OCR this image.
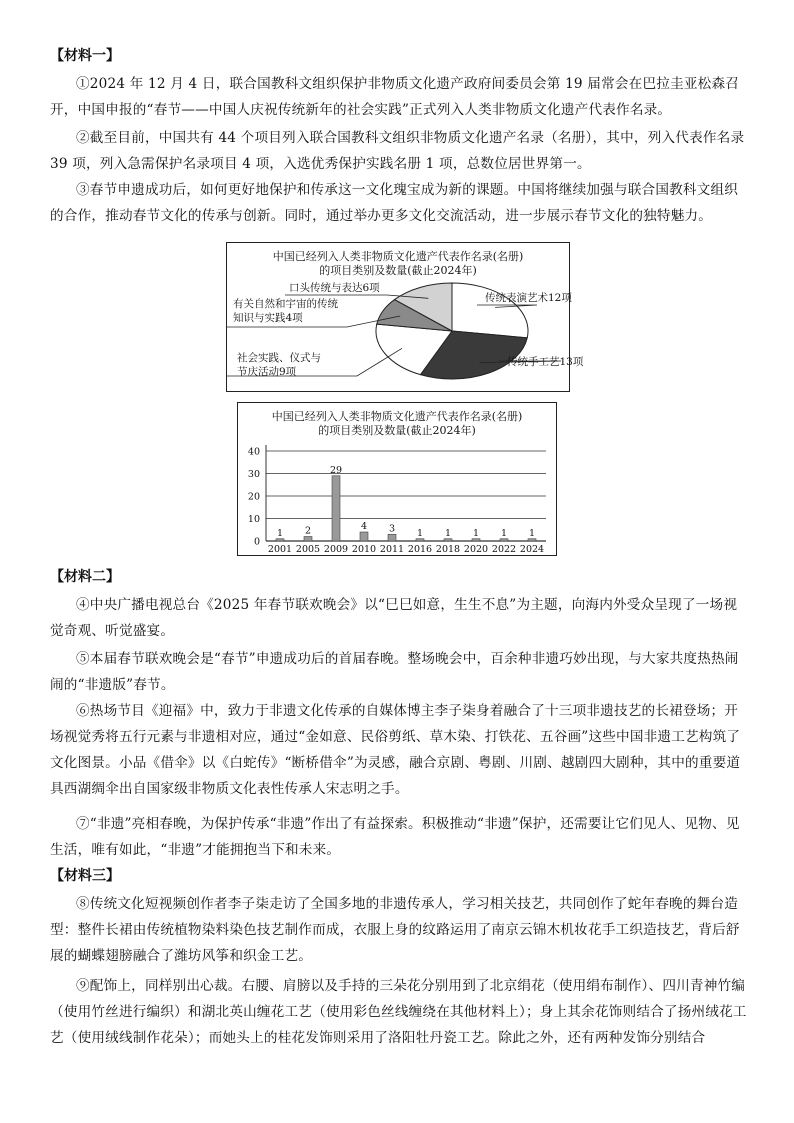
【材料一】
①2024 年 12 月 4 日，联合国教科文组织保护非物质文化遗产政府间委员会第 19 届常会在巴拉圭亚松森召开，中国申报的“春节——中国人庆祝传统新年的社会实践”正式列入人类非物质文化遗产代表作名录。
②截至目前，中国共有 44 个项目列入联合国教科文组织非物质文化遗产名录（名册），其中，列入代表作名录 39 项，列入急需保护名录项目 4 项，入选优秀保护实践名册 1 项，总数位居世界第一。
③春节申遗成功后，如何更好地保护和传承这一文化瑰宝成为新的课题。中国将继续加强与联合国教科文组织的合作，推动春节文化的传承与创新。同时，通过举办更多文化交流活动，进一步展示春节文化的独特魅力。
中国已经列入人类非物质文化遗产代表作名录(名册)
的项目类别及数量(截止2024年)
传统表演艺术12项
传统手工艺13项
社会实践、仪式与
节庆活动9项
有关自然和宇宙的传统
知识与实践4项
口头传统与表达6项
中国已经列入人类非物质文化遗产代表作名录(名册)
的项目类别及数量(截止2024年)
0
10
20
30
40
1
2001
2
2005
29
2009
4
2010
3
2011
1
2016
1
2018
1
2020
1
2022
1
2024
【材料二】
④中央广播电视总台《2025 年春节联欢晚会》以“巳巳如意，生生不息”为主题，向海内外受众呈现了一场视觉奇观、听觉盛宴。
⑤本届春节联欢晚会是“春节”申遗成功后的首届春晚。整场晚会中，百余种非遗巧妙出现，与大家共度热热闹闹的“非遗版”春节。
⑥热场节目《迎福》中，致力于非遗文化传承的自媒体博主李子柒身着融合了十三项非遗技艺的长裙登场；开场视觉秀将五行元素与非遗相对应，通过“金如意、民俗剪纸、草木染、打铁花、五谷画”这些中国非遗工艺构筑了文化图景。小品《借伞》以《白蛇传》“断桥借伞”为灵感，融合京剧、粤剧、川剧、越剧四大剧种，其中的重要道具西湖绸伞出自国家级非物质文化表性传承人宋志明之手。
⑦“非遗”亮相春晚，为保护传承“非遗”作出了有益探索。积极推动“非遗”保护，还需要让它们见人、见物、见生活，唯有如此，“非遗”才能拥抱当下和未来。
【材料三】
⑧传统文化短视频创作者李子柒走访了全国多地的非遗传承人，学习相关技艺，共同创作了蛇年春晚的舞台造型：整件长裙由传统植物染料染色技艺制作而成，衣服上身的纹路运用了南京云锦木机妆花手工织造技艺，背后舒展的蝴蝶翅膀融合了潍坊风筝和织金工艺。
⑨配饰上，同样别出心裁。右腰、肩膀以及手持的三朵花分别用到了北京绢花（使用绢布制作）、四川青神竹编（使用竹丝进行编织）和湖北英山缠花工艺（使用彩色丝线缠绕在其他材料上）；身上其余花饰则结合了扬州绒花工艺（使用绒线制作花朵）；而她头上的桂花发饰则采用了洛阳牡丹瓷工艺。除此之外，还有两种发饰分别结合
